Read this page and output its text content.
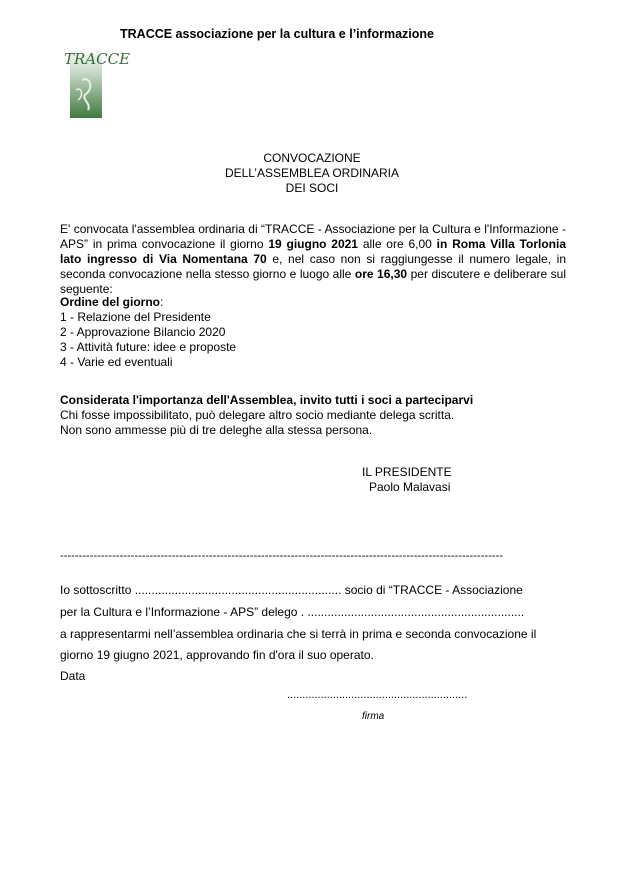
TRACCE associazione per la cultura e l’informazione
TRACCE
CONVOCAZIONE
DELL’ASSEMBLEA ORDINARIA
DEI SOCI
E' convocata l'assemblea ordinaria di “TRACCE - Associazione per la Cultura e l'Informazione - APS” in prima convocazione il giorno 19 giugno 2021 alle ore 6,00 in Roma Villa Torlonia lato ingresso di Via Nomentana 70 e, nel caso non si raggiungesse il numero legale, in seconda convocazione nella stesso giorno e luogo alle ore 16,30 per discutere e deliberare sul seguente:
Ordine del giorno:
1 - Relazione del Presidente
2 - Approvazione Bilancio 2020
3 - Attività future: idee e proposte
4 - Varie ed eventuali
Considerata l'importanza dell'Assemblea, invito tutti i soci a parteciparvi
Chi fosse impossibilitato, può delegare altro socio mediante delega scritta.
Non sono ammesse più di tre deleghe alla stessa persona.
IL PRESIDENTE
Paolo Malavasi
-----------------------------------------------------------------------------------------------------------------------
Io sottoscritto .............................................................. socio di “TRACCE - Associazione
per la Cultura e l’Informazione - APS” delego . .................................................................
a rappresentarmi nell’assemblea ordinaria che si terrà in prima e seconda convocazione il
giorno 19 giugno 2021, approvando fin d'ora il suo operato.
Data
...........................................................
firma
